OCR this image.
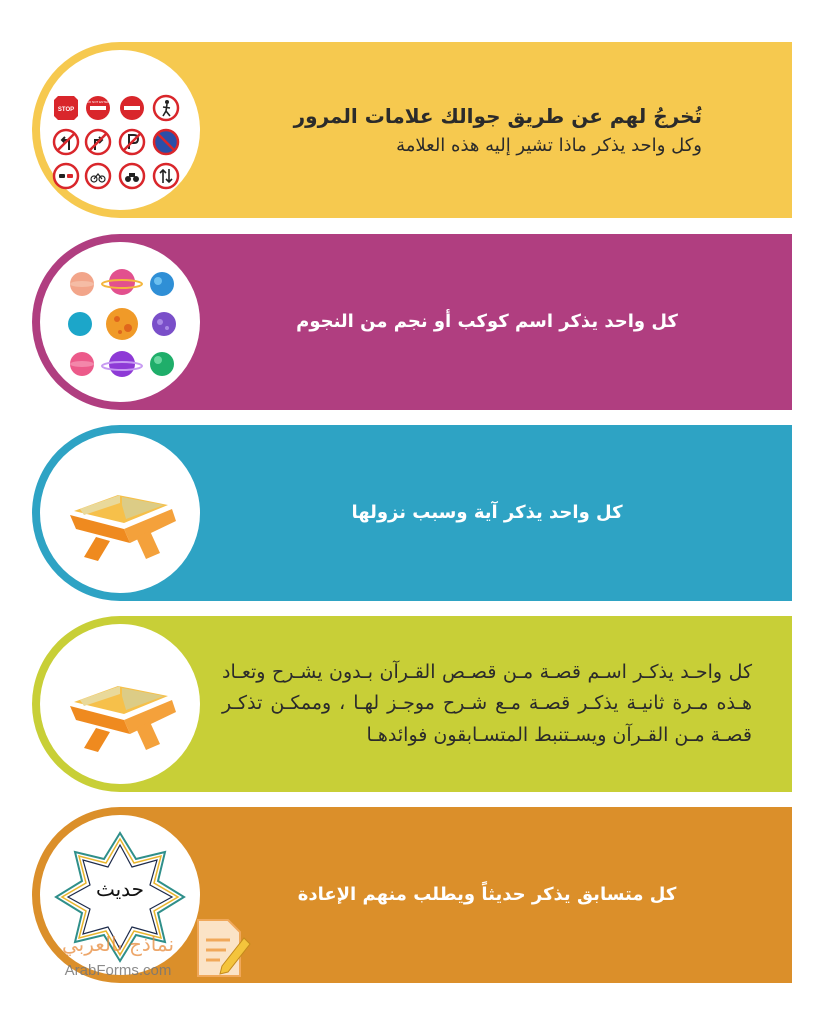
STOP
DO NOT ENTER
تُخرجُ لهم عن طريق جوالك علامات المرور
وكل واحد يذكر ماذا تشير إليه هذه العلامة
كل واحد يذكر اسم كوكب أو نجم من النجوم
كل واحد يذكر آية وسبب نزولها
كل واحـد يذكـر اسـم قصـة مـن قصـص القـرآن بـدون يشـرح وتعـاد هـذه مـرة ثانيـة يذكـر قصـة مـع شـرح موجـز لهـا ، وممكـن تذكـر قصـة مـن القـرآن ويسـتنبط المتسـابقون فوائدهـا
حديث	كل متسابق يذكر حديثاً ويطلب منهم الإعادة
نماذج بالعربي
ArabForms.com
